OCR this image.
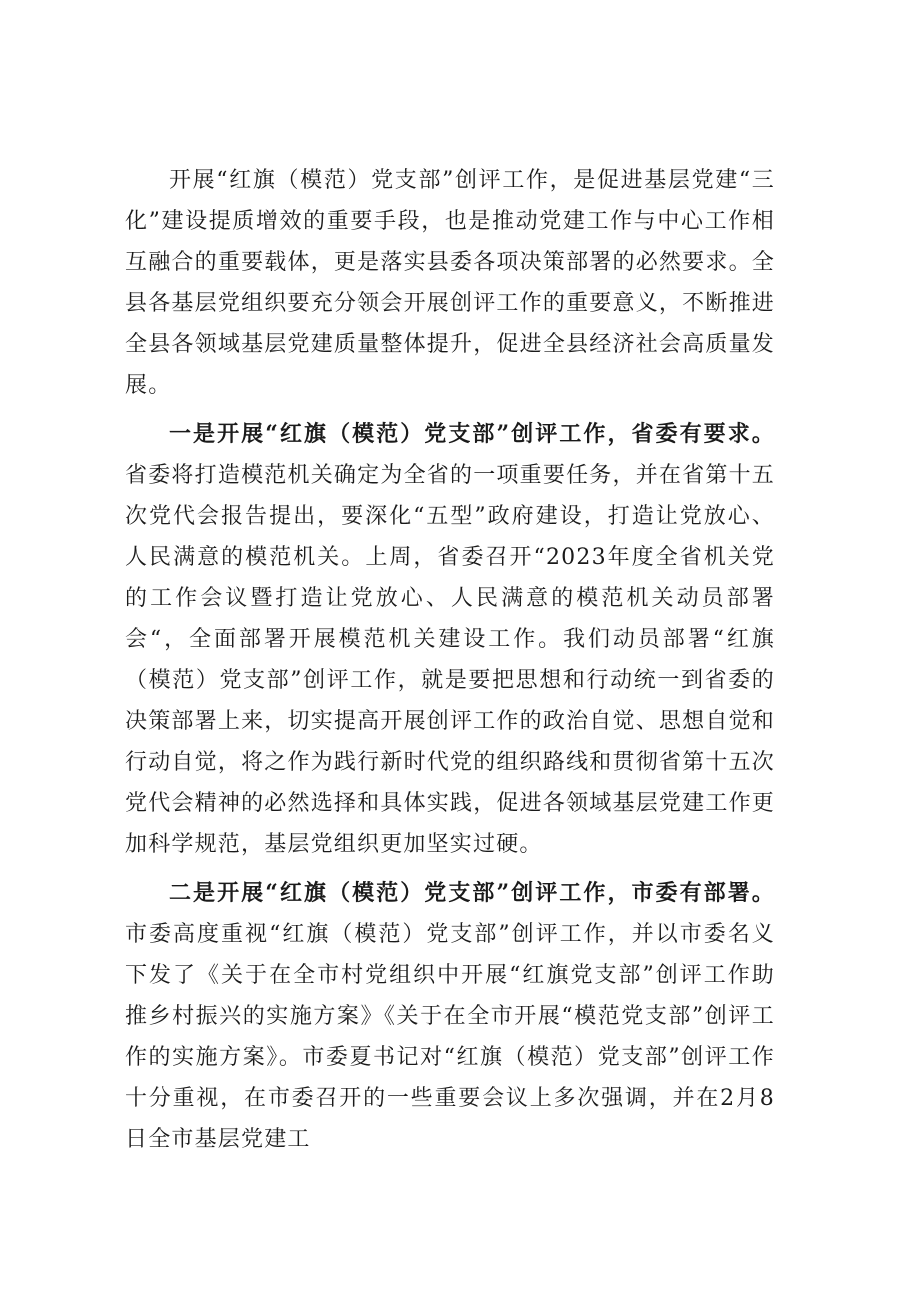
开展“红旗（模范）党支部”创评工作，是促进基层党建“三化”建设提质增效的重要手段，也是推动党建工作与中心工作相互融合的重要载体，更是落实县委各项决策部署的必然要求。全县各基层党组织要充分领会开展创评工作的重要意义，不断推进全县各领域基层党建质量整体提升，促进全县经济社会高质量发展。

一是开展“红旗（模范）党支部”创评工作，省委有要求。省委将打造模范机关确定为全省的一项重要任务，并在省第十五次党代会报告提出，要深化“五型”政府建设，打造让党放心、人民满意的模范机关。上周，省委召开“2023年度全省机关党的工作会议暨打造让党放心、人民满意的模范机关动员部署会“，全面部署开展模范机关建设工作。我们动员部署“红旗（模范）党支部”创评工作，就是要把思想和行动统一到省委的决策部署上来，切实提高开展创评工作的政治自觉、思想自觉和行动自觉，将之作为践行新时代党的组织路线和贯彻省第十五次党代会精神的必然选择和具体实践，促进各领域基层党建工作更加科学规范，基层党组织更加坚实过硬。

二是开展“红旗（模范）党支部”创评工作，市委有部署。市委高度重视“红旗（模范）党支部”创评工作，并以市委名义下发了《关于在全市村党组织中开展“红旗党支部”创评工作助推乡村振兴的实施方案》《关于在全市开展“模范党支部”创评工作的实施方案》。市委夏书记对“红旗（模范）党支部”创评工作十分重视，在市委召开的一些重要会议上多次强调，并在2月8日全市基层党建工
